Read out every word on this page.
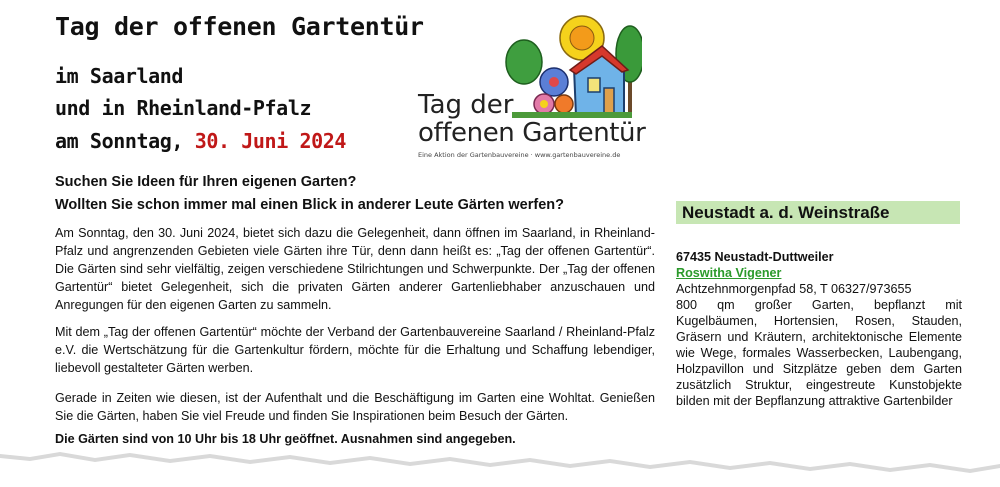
Tag der offenen Gartentür
im Saarland
und in Rheinland-Pfalz
am Sonntag, 30. Juni 2024
Tag der
offenen Gartentür
Eine Aktion der Gartenbauvereine · www.gartenbauvereine.de

Suchen Sie Ideen für Ihren eigenen Garten?

Wollten Sie schon immer mal einen Blick in anderer Leute Gärten werfen?

Am Sonntag, den 30. Juni 2024, bietet sich dazu die Gelegenheit, dann öffnen im Saarland, in Rheinland-Pfalz und angrenzenden Gebieten viele Gärten ihre Tür, denn dann heißt es: „Tag der offenen Gartentür“. Die Gärten sind sehr vielfältig, zeigen verschiedene Stilrichtungen und Schwerpunkte. Der „Tag der offenen Gartentür“ bietet Gelegenheit, sich die privaten Gärten anderer Gartenliebhaber anzuschauen und Anregungen für den eigenen Garten zu sammeln.

Mit dem „Tag der offenen Gartentür“ möchte der Verband der Gartenbauvereine Saarland / Rheinland-Pfalz e.V. die Wertschätzung für die Gartenkultur fördern, möchte für die Erhaltung und Schaffung lebendiger, liebevoll gestalteter Gärten werben.

Gerade in Zeiten wie diesen, ist der Aufenthalt und die Beschäftigung im Garten eine Wohltat. Genießen Sie die Gärten, haben Sie viel Freude und finden Sie Inspirationen beim Besuch der Gärten.

Die Gärten sind von 10 Uhr bis 18 Uhr geöffnet. Ausnahmen sind angegeben.

Neustadt a. d. Weinstraße
67435 Neustadt-Duttweiler
Roswitha Vigener
Achtzehnmorgenpfad 58, T 06327/973655
800 qm großer Garten, bepflanzt mit Kugelbäumen, Hortensien, Rosen, Stauden, Gräsern und Kräutern, architektonische Elemente wie Wege, formales Wasserbecken, Laubengang, Holzpavillon und Sitzplätze geben dem Garten zusätzlich Struktur, eingestreute Kunstobjekte bilden mit der Bepflanzung attraktive Gartenbilder
